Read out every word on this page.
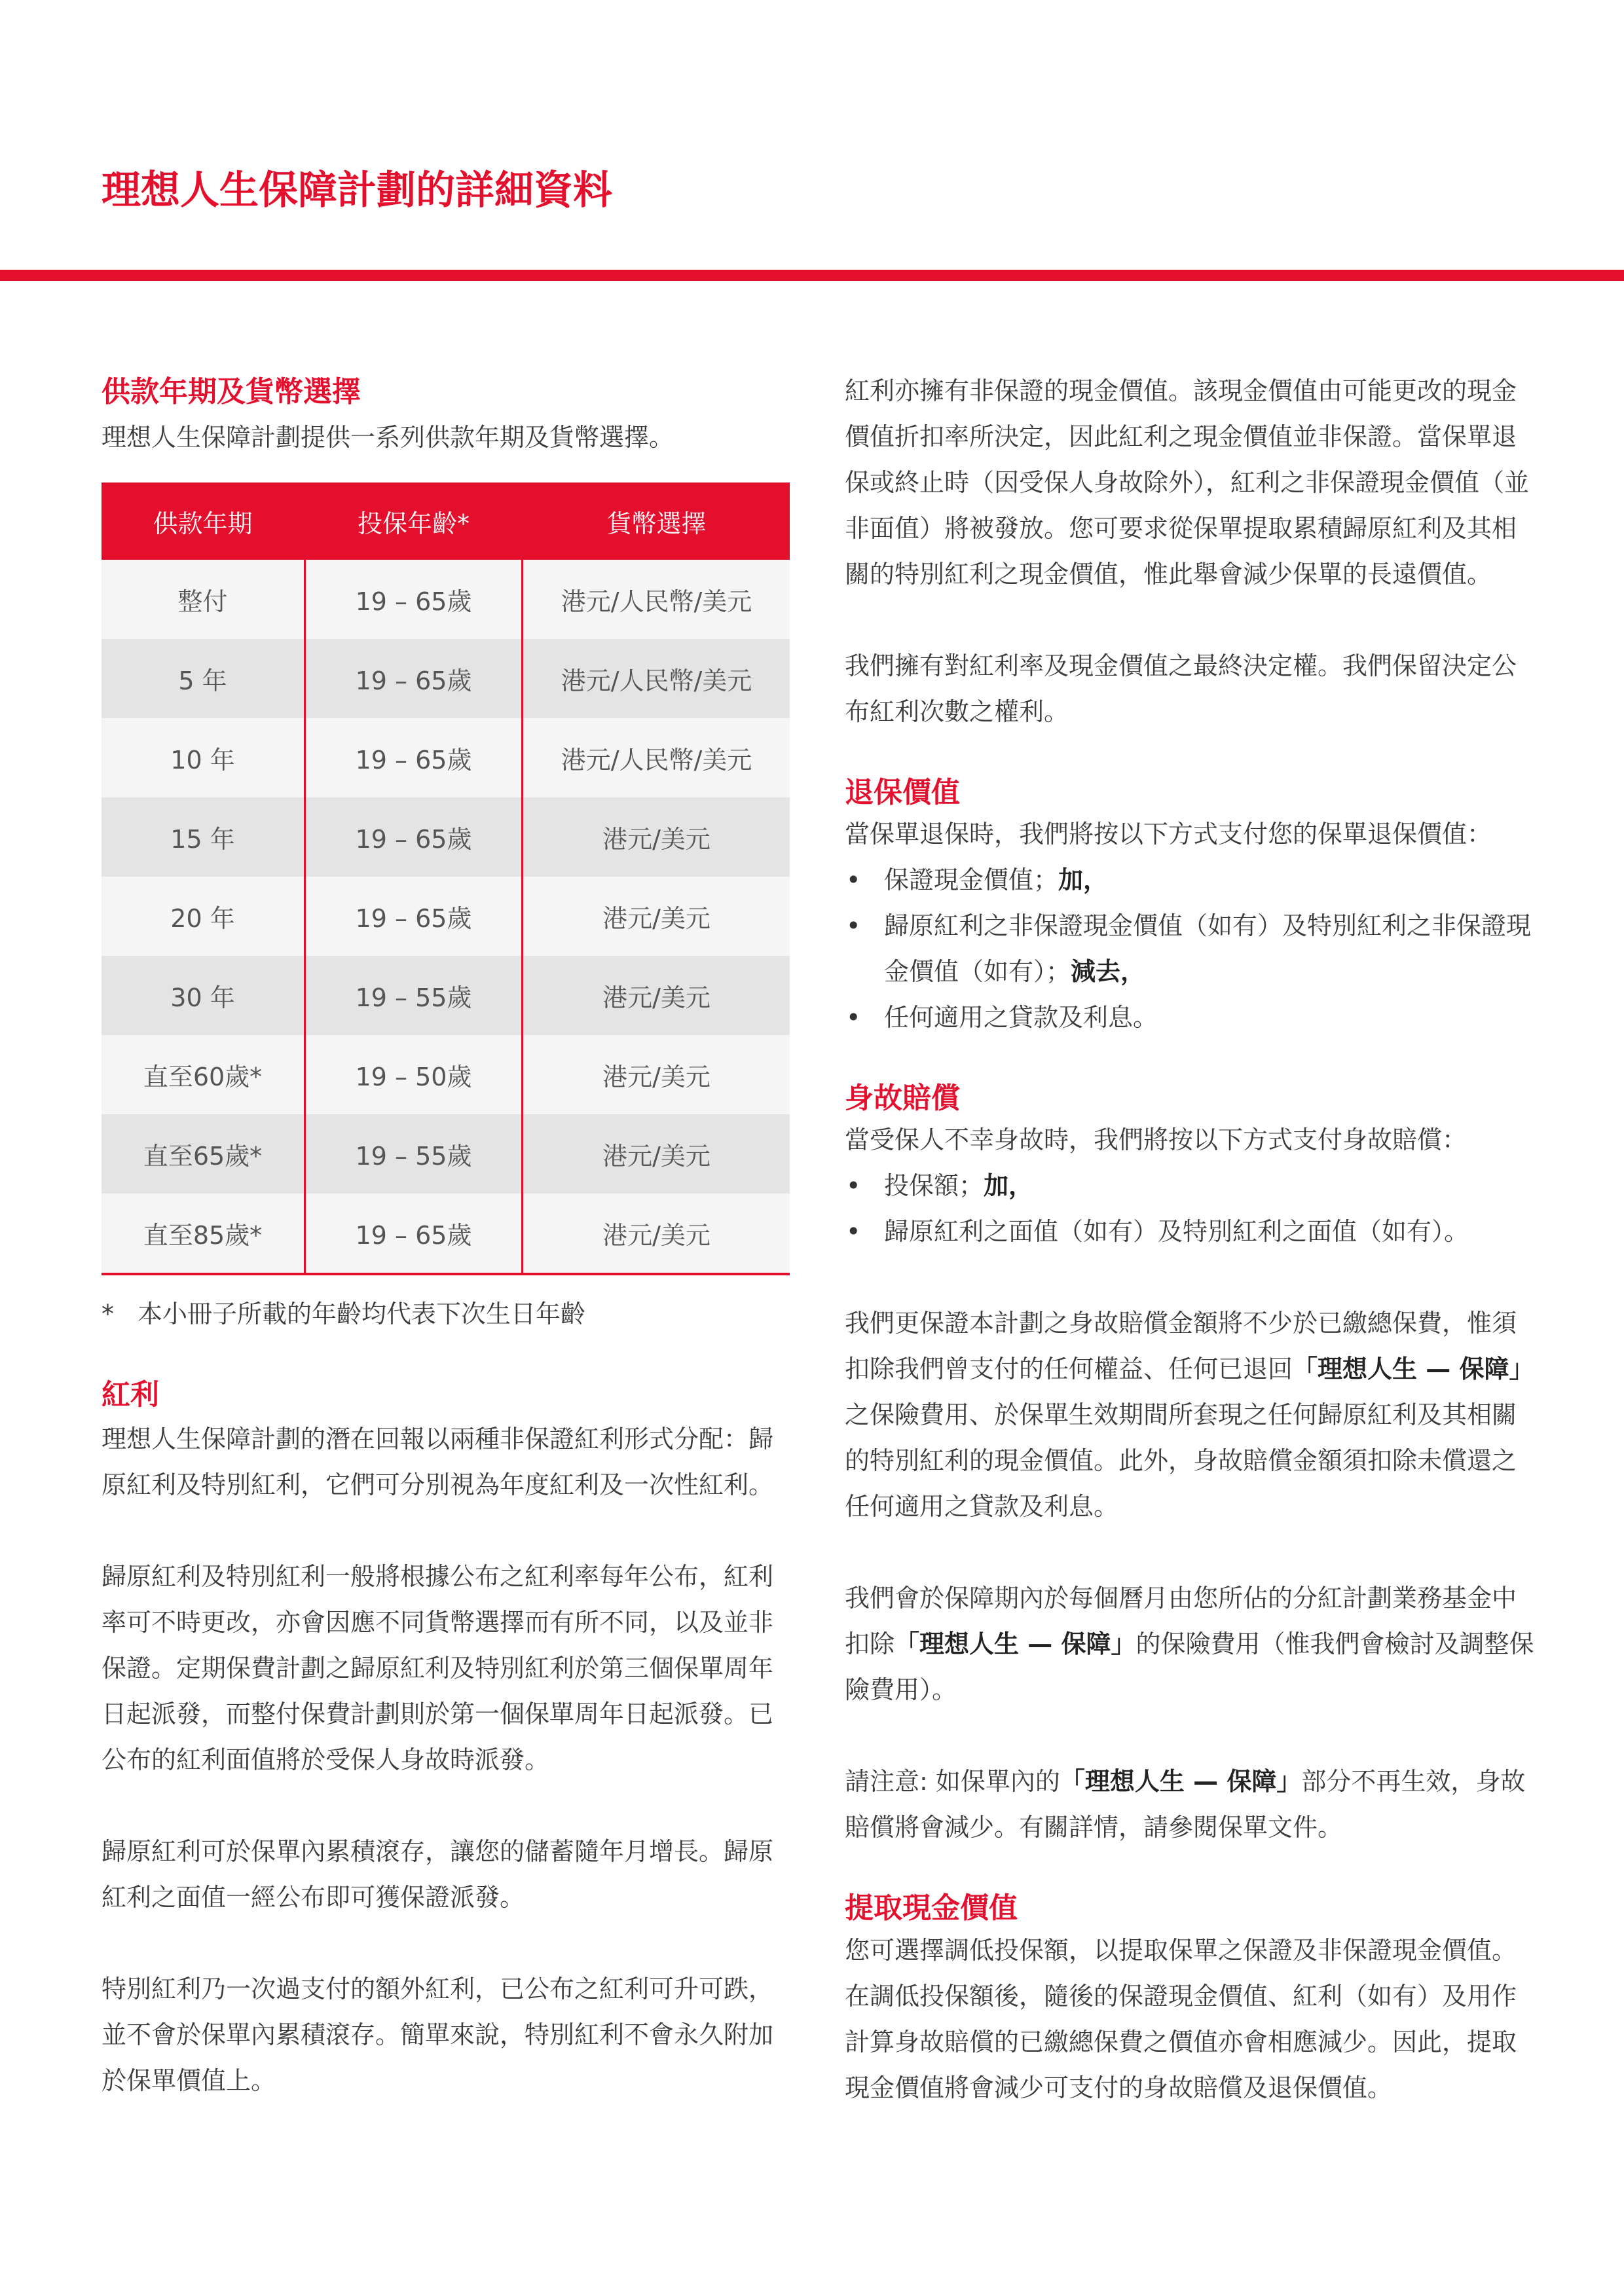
理想人生保障計劃的詳細資料
供款年期及貨幣選擇

理想人生保障計劃提供一系列供款年期及貨幣選擇。

供款年期	投保年齡*	貨幣選擇
整付	19 – 65歲	港元/人民幣/美元
5 年	19 – 65歲	港元/人民幣/美元
10 年	19 – 65歲	港元/人民幣/美元
15 年	19 – 65歲	港元/美元
20 年	19 – 65歲	港元/美元
30 年	19 – 55歲	港元/美元
直至60歲*	19 – 50歲	港元/美元
直至65歲*	19 – 55歲	港元/美元
直至85歲*	19 – 65歲	港元/美元

* 本小冊子所載的年齡均代表下次生日年齡

紅利

理想人生保障計劃的潛在回報以兩種非保證紅利形式分配：歸原紅利及特別紅利，它們可分別視為年度紅利及一次性紅利。

歸原紅利及特別紅利一般將根據公布之紅利率每年公布，紅利率可不時更改，亦會因應不同貨幣選擇而有所不同，以及並非保證。定期保費計劃之歸原紅利及特別紅利於第三個保單周年日起派發，而整付保費計劃則於第一個保單周年日起派發。已公布的紅利面值將於受保人身故時派發。

歸原紅利可於保單內累積滾存，讓您的儲蓄隨年月增長。歸原紅利之面值一經公布即可獲保證派發。

特別紅利乃一次過支付的額外紅利，已公布之紅利可升可跌，並不會於保單內累積滾存。簡單來說，特別紅利不會永久附加於保單價值上。

紅利亦擁有非保證的現金價值。該現金價值由可能更改的現金價值折扣率所決定，因此紅利之現金價值並非保證。當保單退保或終止時（因受保人身故除外），紅利之非保證現金價值（並非面值）將被發放。您可要求從保單提取累積歸原紅利及其相關的特別紅利之現金價值，惟此舉會減少保單的長遠價值。

我們擁有對紅利率及現金價值之最終決定權。我們保留決定公布紅利次數之權利。

退保價值

當保單退保時，我們將按以下方式支付您的保單退保價值：

• 保證現金價值；加，
• 歸原紅利之非保證現金價值（如有）及特別紅利之非保證現金價值（如有）；減去，
• 任何適用之貸款及利息。
身故賠償

當受保人不幸身故時，我們將按以下方式支付身故賠償：

• 投保額；加，
• 歸原紅利之面值（如有）及特別紅利之面值（如有）。

我們更保證本計劃之身故賠償金額將不少於已繳總保費，惟須扣除我們曾支付的任何權益、任何已退回「理想人生 — 保障」之保險費用、於保單生效期間所套現之任何歸原紅利及其相關的特別紅利的現金價值。此外，身故賠償金額須扣除未償還之任何適用之貸款及利息。

我們會於保障期內於每個曆月由您所佔的分紅計劃業務基金中扣除「理想人生 — 保障」的保險費用（惟我們會檢討及調整保險費用）。

請注意: 如保單內的「理想人生 — 保障」部分不再生效，身故賠償將會減少。有關詳情，請參閱保單文件。

提取現金價值

您可選擇調低投保額，以提取保單之保證及非保證現金價值。在調低投保額後，隨後的保證現金價值、紅利（如有）及用作計算身故賠償的已繳總保費之價值亦會相應減少。因此，提取現金價值將會減少可支付的身故賠償及退保價值。
